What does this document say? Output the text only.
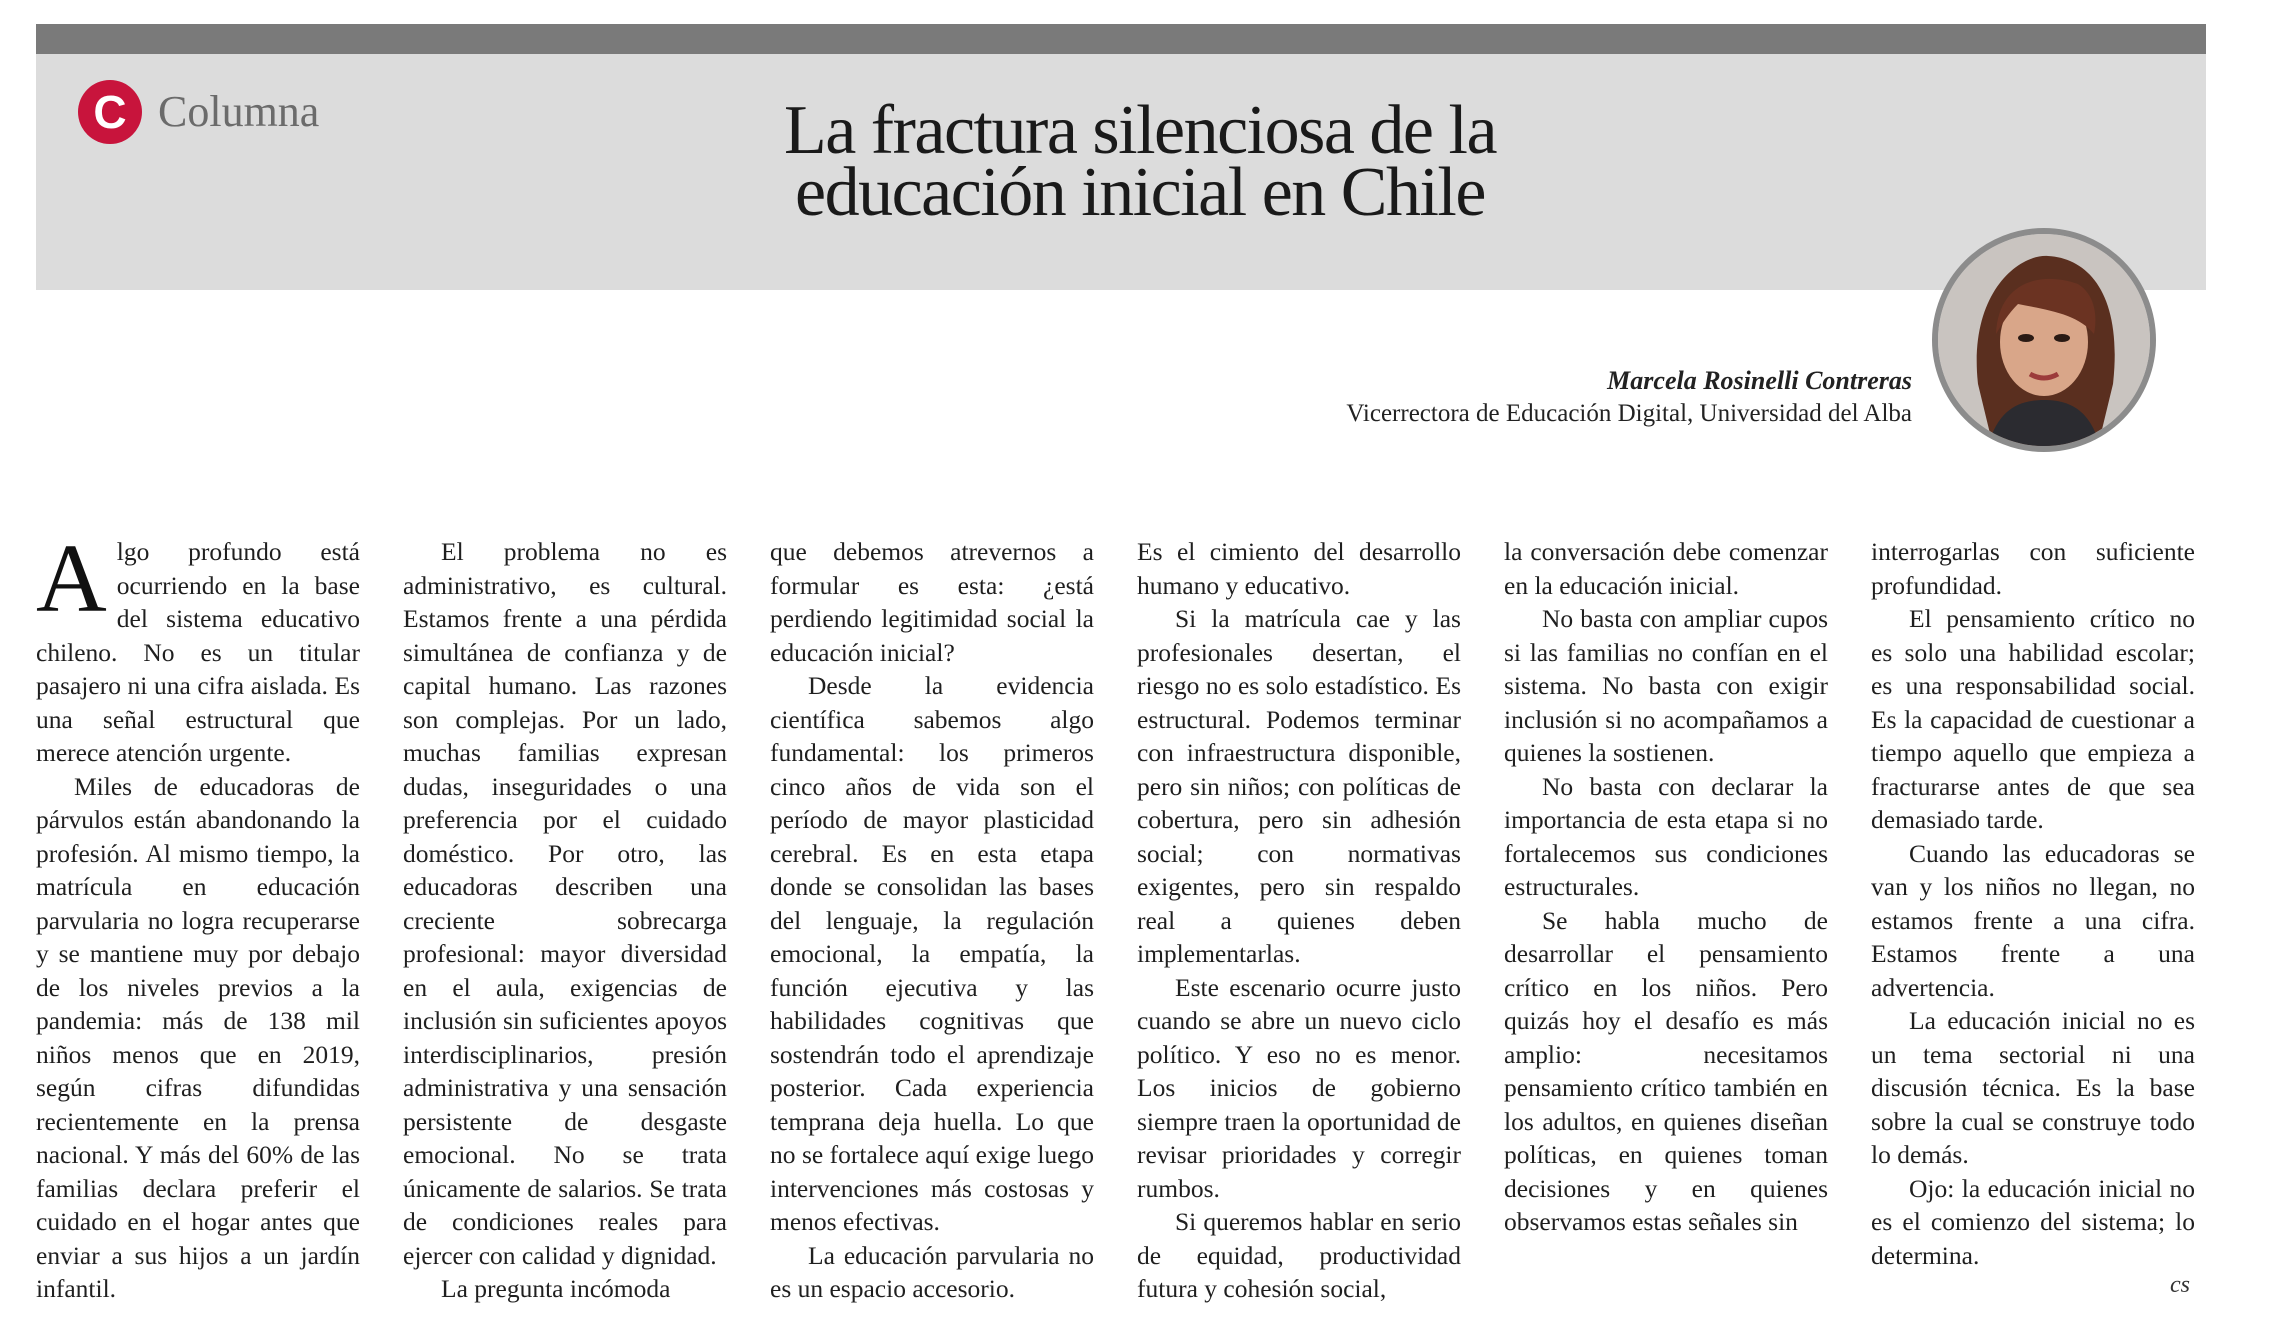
C Columna	La fractura silenciosa de la
educación inicial en Chile
Marcela Rosinelli Contreras
Vicerrectora de Educación Digital, Universidad del Alba

Algo profundo está ocurriendo en la base del sistema educativo chileno. No es un titular pasajero ni una cifra aislada. Es una señal estructural que merece atención urgente.

Miles de educadoras de párvulos están abandonando la profesión. Al mismo tiempo, la matrícula en educación parvularia no logra recuperarse y se mantiene muy por debajo de los niveles previos a la pandemia: más de 138 mil niños menos que en 2019, según cifras difundidas recientemente en la prensa nacional. Y más del 60% de las familias declara preferir el cuidado en el hogar antes que enviar a sus hijos a un jardín infantil.

El problema no es administrativo, es cultural. Estamos frente a una pérdida simultánea de confianza y de capital humano. Las razones son complejas. Por un lado, muchas familias expresan dudas, inseguridades o una preferencia por el cuidado doméstico. Por otro, las educadoras describen una creciente sobrecarga profesional: mayor diversidad en el aula, exigencias de inclusión sin suficientes apoyos interdisciplinarios, presión administrativa y una sensación persistente de desgaste emocional. No se trata únicamente de salarios. Se trata de condiciones reales para ejercer con calidad y dignidad.

La pregunta incómoda

que debemos atrevernos a formular es esta: ¿está perdiendo legitimidad social la educación inicial?

Desde la evidencia científica sabemos algo fundamental: los primeros cinco años de vida son el período de mayor plasticidad cerebral. Es en esta etapa donde se consolidan las bases del lenguaje, la regulación emocional, la empatía, la función ejecutiva y las habilidades cognitivas que sostendrán todo el aprendizaje posterior. Cada experiencia temprana deja huella. Lo que no se fortalece aquí exige luego intervenciones más costosas y menos efectivas.

La educación parvularia no es un espacio accesorio.

Es el cimiento del desarrollo humano y educativo.

Si la matrícula cae y las profesionales desertan, el riesgo no es solo estadístico. Es estructural. Podemos terminar con infraestructura disponible, pero sin niños; con políticas de cobertura, pero sin adhesión social; con normativas exigentes, pero sin respaldo real a quienes deben implementarlas.

Este escenario ocurre justo cuando se abre un nuevo ciclo político. Y eso no es menor. Los inicios de gobierno siempre traen la oportunidad de revisar prioridades y corregir rumbos.

Si queremos hablar en serio de equidad, productividad futura y cohesión social,

la conversación debe comenzar en la educación inicial.

No basta con ampliar cupos si las familias no confían en el sistema. No basta con exigir inclusión si no acompañamos a quienes la sostienen.

No basta con declarar la importancia de esta etapa si no fortalecemos sus condiciones estructurales.

Se habla mucho de desarrollar el pensamiento crítico en los niños. Pero quizás hoy el desafío es más amplio: necesitamos pensamiento crítico también en los adultos, en quienes diseñan políticas, en quienes toman decisiones y en quienes observamos estas señales sin

interrogarlas con suficiente profundidad.

El pensamiento crítico no es solo una habilidad escolar; es una responsabilidad social. Es la capacidad de cuestionar a tiempo aquello que empieza a fracturarse antes de que sea demasiado tarde.

Cuando las educadoras se van y los niños no llegan, no estamos frente a una cifra. Estamos frente a una advertencia.

La educación inicial no es un tema sectorial ni una discusión técnica. Es la base sobre la cual se construye todo lo demás.

Ojo: la educación inicial no es el comienzo del sistema; lo determina.

cs
